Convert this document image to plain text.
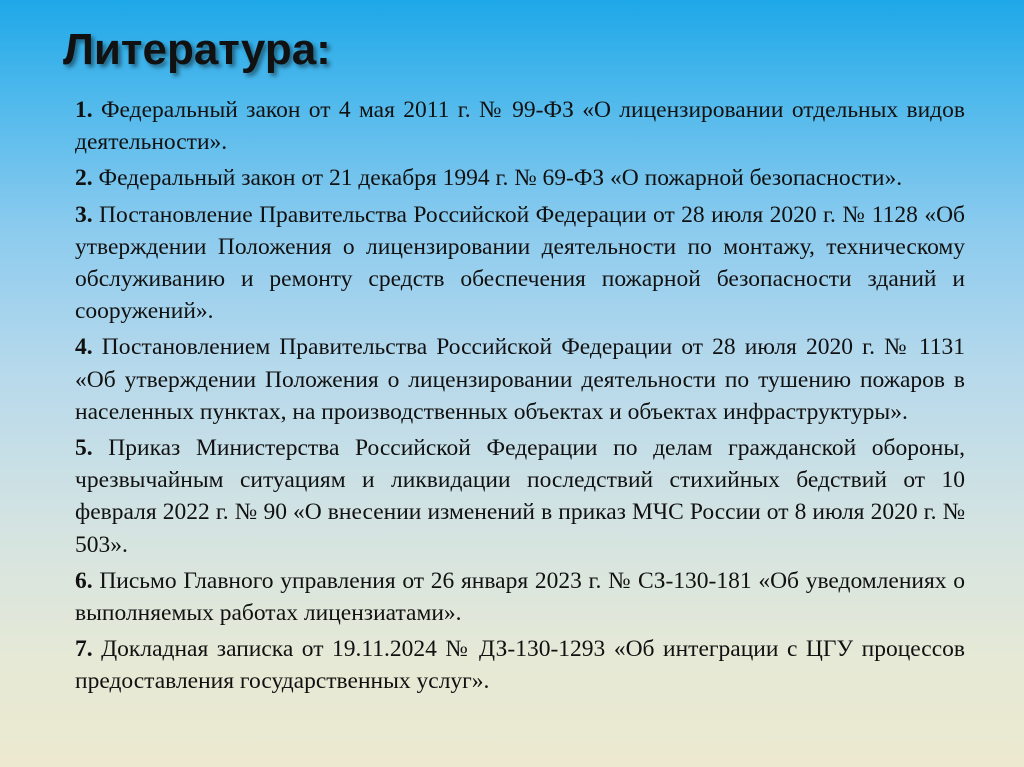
Литература:
1. Федеральный закон от 4 мая 2011 г. № 99-ФЗ «О лицензировании отдельных видов деятельности».
2. Федеральный закон от 21 декабря 1994 г. № 69-ФЗ «О пожарной безопасности».
3. Постановление Правительства Российской Федерации от 28 июля 2020 г. № 1128 «Об утверждении Положения о лицензировании деятельности по монтажу, техническому обслуживанию и ремонту средств обеспечения пожарной безопасности зданий и сооружений».
4. Постановлением Правительства Российской Федерации от 28 июля 2020 г. № 1131 «Об утверждении Положения о лицензировании деятельности по тушению пожаров в населенных пунктах, на производственных объектах и объектах инфраструктуры».
5. Приказ Министерства Российской Федерации по делам гражданской обороны, чрезвычайным ситуациям и ликвидации последствий стихийных бедствий от 10 февраля 2022 г. № 90 «О внесении изменений в приказ МЧС России от 8 июля 2020 г. № 503».
6. Письмо Главного управления от 26 января 2023 г. № СЗ-130-181 «Об уведомлениях о выполняемых работах лицензиатами».
7. Докладная записка от 19.11.2024 № ДЗ-130-1293 «Об интеграции с ЦГУ процессов предоставления государственных услуг».
